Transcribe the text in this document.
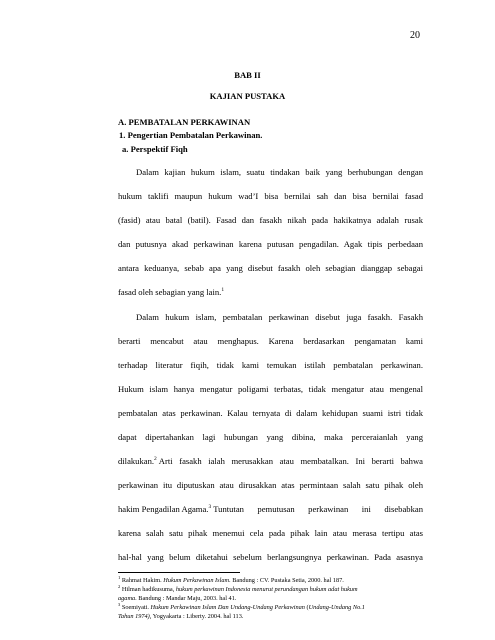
20
BAB II
KAJIAN PUSTAKA
A. PEMBATALAN PERKAWINAN
1. Pengertian Pembatalan Perkawinan.
a. Perspektif Fiqh
Dalam kajian hukum islam, suatu tindakan baik yang berhubungan dengan
hukum taklifi maupun hukum wad’I bisa bernilai sah dan bisa bernilai fasad
(fasid) atau batal (batil). Fasad dan fasakh nikah pada hakikatnya adalah rusak
dan putusnya akad perkawinan karena putusan pengadilan. Agak tipis perbedaan
antara keduanya, sebab apa yang disebut fasakh oleh sebagian dianggap sebagai
fasad oleh sebagian yang lain.$^1$
Dalam hukum islam, pembatalan perkawinan disebut juga fasakh. Fasakh
berarti mencabut atau menghapus. Karena berdasarkan pengamatan kami
terhadap literatur fiqih, tidak kami temukan istilah pembatalan perkawinan.
Hukum islam hanya mengatur poligami terbatas, tidak mengatur atau mengenal
pembatalan atas perkawinan. Kalau ternyata di dalam kehidupan suami istri tidak
dapat dipertahankan lagi hubungan yang dibina, maka perceraianlah yang
dilakukan.$^2$ Arti fasakh ialah merusakkan atau membatalkan. Ini berarti bahwa
perkawinan itu diputuskan atau dirusakkan atas permintaan salah satu pihak oleh
hakim Pengadilan Agama.$^3$ Tuntutan pemutusan perkawinan ini disebabkan
karena salah satu pihak menemui cela pada pihak lain atau merasa tertipu atas
hal-hal yang belum diketahui sebelum berlangsungnya perkawinan. Pada asasnya
$^1$ Rahmat Hakim. Hukum Perkawinan Islam. Bandung : CV. Pustaka Setia, 2000. hal 187.
$^2$ Hilman hadikusuma, hukum perkawinan Indonesia menurut perundangan hukum adat hukum
agama. Bandung : Mandar Maju, 2003. hal 41.
$^3$ Soemiyati. Hukum Perkawinan Islam Dan Undang-Undang Perkawinan (Undang-Undang No.1
Tahun 1974), Yogyakarta : Liberty. 2004. hal 113.
